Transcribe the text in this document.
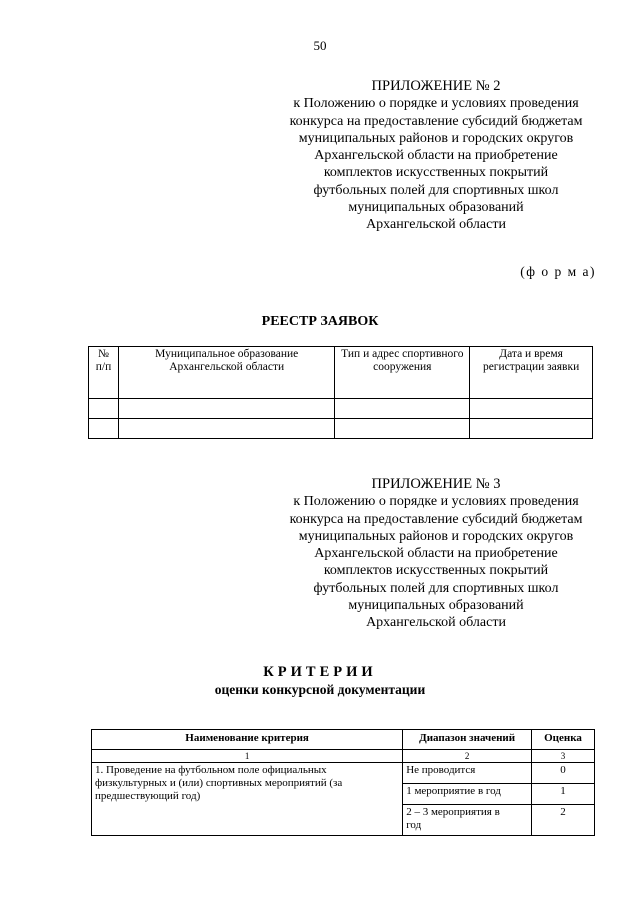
50
ПРИЛОЖЕНИЕ № 2
к Положению о порядке и условиях проведения
конкурса на предоставление субсидий бюджетам
муниципальных районов и городских округов
Архангельской области на приобретение
комплектов искусственных покрытий
футбольных полей для спортивных школ
муниципальных образований
Архангельской области
(ф о р м а)
РЕЕСТР ЗАЯВОК
№ п/п	Муниципальное образование Архангельской области	Тип и адрес спортивного сооружения	Дата и время регистрации заявки

ПРИЛОЖЕНИЕ № 3
к Положению о порядке и условиях проведения
конкурса на предоставление субсидий бюджетам
муниципальных районов и городских округов
Архангельской области на приобретение
комплектов искусственных покрытий
футбольных полей для спортивных школ
муниципальных образований
Архангельской области
КРИТЕРИИ
оценки конкурсной документации
Наименование критерия	Диапазон значений	Оценка
1	2	3
1. Проведение на футбольном поле официальных физкультурных и (или) спортивных мероприятий (за предшествующий год)	Не проводится	0
	1 мероприятие в год	1
	2 – 3 мероприятия в год	2
